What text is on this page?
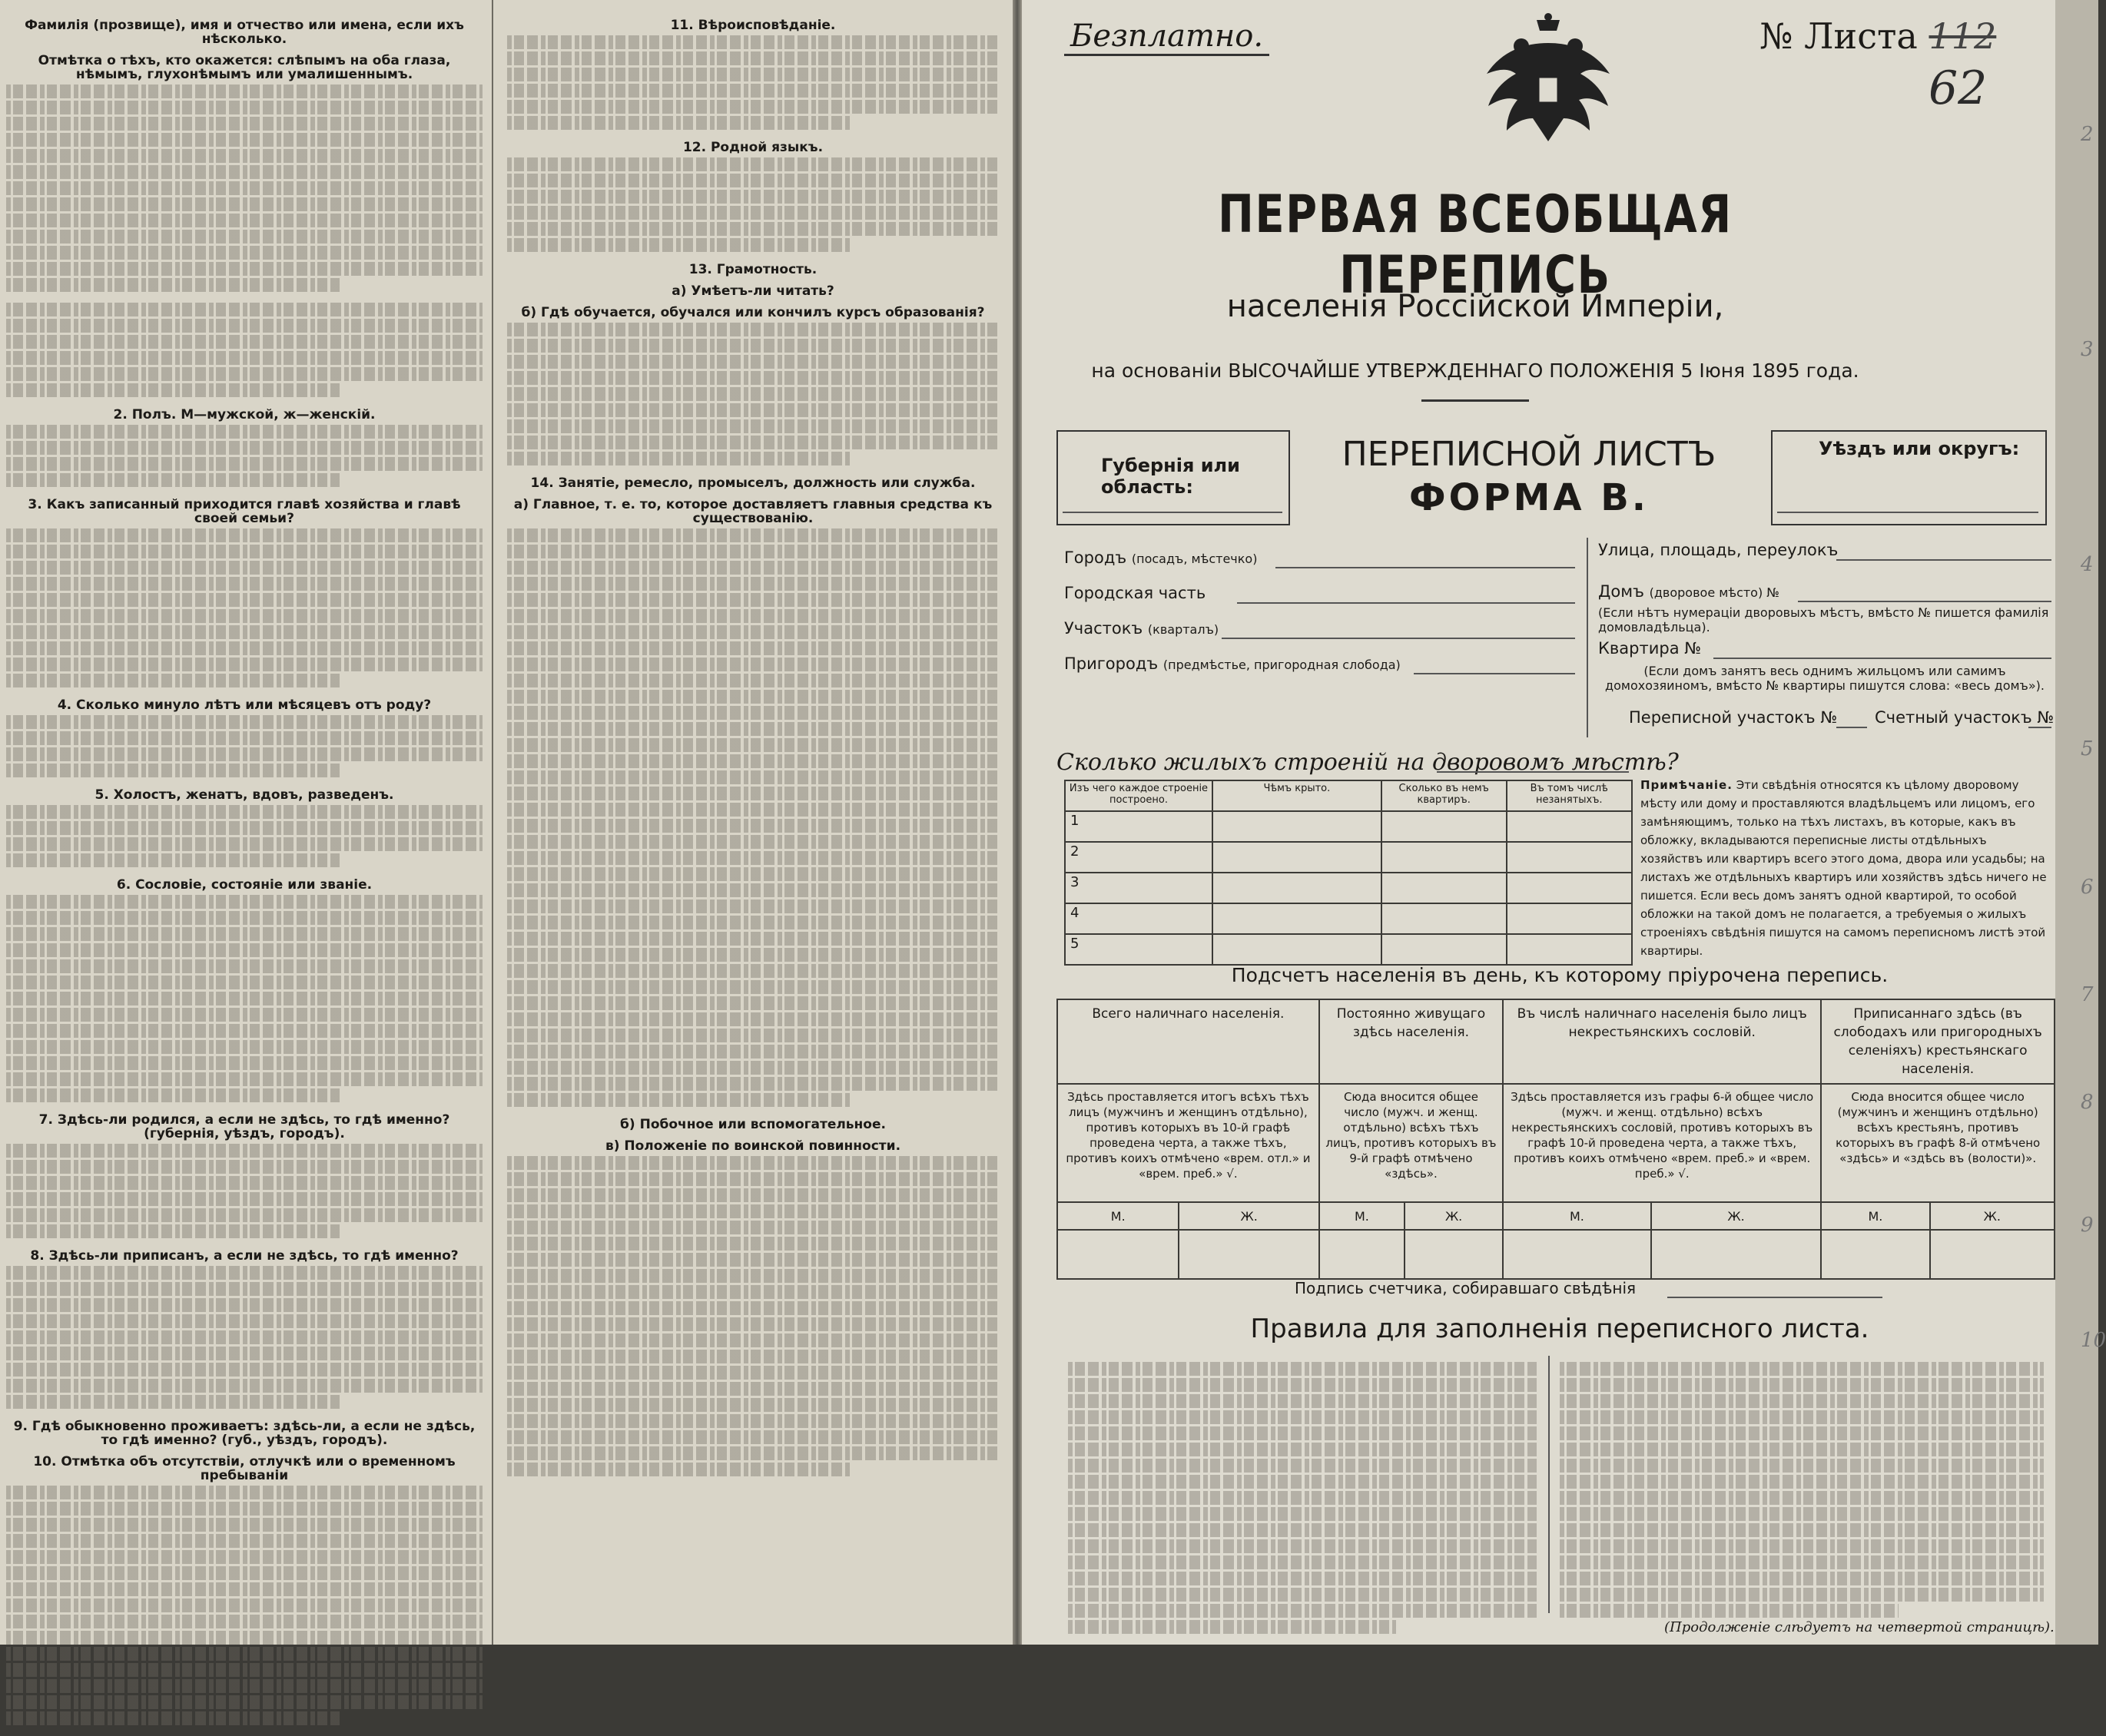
Фамилія (прозвище), имя и отчество или имена, если ихъ нѣсколько.
Отмѣтка о тѣхъ, кто окажется: слѣпымъ на оба глаза, нѣмымъ, глухонѣмымъ или умалишеннымъ.
2. Полъ. М—мужской, ж—женскій.
3. Какъ записанный приходится главѣ хозяйства и главѣ своей семьи?
4. Сколько минуло лѣтъ или мѣсяцевъ отъ роду?
5. Холостъ, женатъ, вдовъ, разведенъ.
6. Сословіе, состояніе или званіе.
7. Здѣсь-ли родился, а если не здѣсь, то гдѣ именно? (губернія, уѣздъ, городъ).
8. Здѣсь-ли приписанъ, а если не здѣсь, то гдѣ именно?
9. Гдѣ обыкновенно проживаетъ: здѣсь-ли, а если не здѣсь, то гдѣ именно? (губ., уѣздъ, городъ).
10. Отмѣтка объ отсутствіи, отлучкѣ или о временномъ пребываніи
11. Вѣроисповѣданіе.
12. Родной языкъ.
13. Грамотность.
а) Умѣетъ-ли читать?
б) Гдѣ обучается, обучался или кончилъ курсъ образованія?
14. Занятіе, ремесло, промыселъ, должность или служба.
а) Главное, т. е. то, которое доставляетъ главныя средства къ существованію.
б) Побочное или вспомогательное.
в) Положеніе по воинской повинности.
2
3
4
5
6
7
8
9
10
Безплатно.	№ Листа 112
62
ПЕРВАЯ ВСЕОБЩАЯ ПЕРЕПИСЬ
населенія Россійской Имперіи,
на основаніи ВЫСОЧАЙШЕ УТВЕРЖДЕННАГО ПОЛОЖЕНІЯ 5 Іюня 1895 года.
Губернія или область:
ПЕРЕПИСНОЙ ЛИСТЪ
ФОРМА В.
Уѣздъ или округъ:
Городъ (посадъ, мѣстечко)
Городская часть
Участокъ (кварталъ)
Пригородъ (предмѣстье, пригородная слобода)
Улица, площадь, переулокъ
Домъ (дворовое мѣсто) №
(Если нѣтъ нумераціи дворовыхъ мѣстъ, вмѣсто № пишется фамилія домовладѣльца).
Квартира №
(Если домъ занятъ весь однимъ жильцомъ или самимъ домохозяиномъ, вмѣсто № квартиры пишутся слова: «весь домъ»).
Переписной участокъ № Счетный участокъ №
Сколько жилыхъ строеній на дворовомъ мѣстѣ?
Изъ чего каждое строеніе построено.	Чѣмъ крыто.	Сколько въ немъ квартиръ.	Въ томъ числѣ незанятыхъ.
1			
2			
3			
4			
5			
Примѣчаніе. Эти свѣдѣнія относятся къ цѣлому дворовому мѣсту или дому и проставляются владѣльцемъ или лицомъ, его замѣняющимъ, только на тѣхъ листахъ, въ которые, какъ въ обложку, вкладываются переписные листы отдѣльныхъ хозяйствъ или квартиръ всего этого дома, двора или усадьбы; на листахъ же отдѣльныхъ квартиръ или хозяйствъ здѣсь ничего не пишется. Если весь домъ занятъ одной квартирой, то особой обложки на такой домъ не полагается, а требуемыя о жилыхъ строеніяхъ свѣдѣнія пишутся на самомъ переписномъ листѣ этой квартиры.
Подсчетъ населенія въ день, къ которому пріурочена перепись.
Всего наличнаго населенія.		Постоянно живущаго здѣсь населенія.		Въ числѣ наличнаго населенія было лицъ некрестьянскихъ сословій.		Приписаннаго здѣсь (въ слободахъ или пригородныхъ селеніяхъ) крестьянскаго населенія.	
Здѣсь проставляется итогъ всѣхъ тѣхъ лицъ (мужчинъ и женщинъ отдѣльно), противъ которыхъ въ 10-й графѣ проведена черта, а также тѣхъ, противъ коихъ отмѣчено «врем. отл.» и «врем. преб.» √.		Сюда вносится общее число (мужч. и женщ. отдѣльно) всѣхъ тѣхъ лицъ, противъ которыхъ въ 9-й графѣ отмѣчено «здѣсь».		Здѣсь проставляется изъ графы 6-й общее число (мужч. и женщ. отдѣльно) всѣхъ некрестьянскихъ сословій, противъ которыхъ въ графѣ 10-й проведена черта, а также тѣхъ, противъ коихъ отмѣчено «врем. преб.» и «врем. преб.» √.		Сюда вносится общее число (мужчинъ и женщинъ отдѣльно) всѣхъ крестьянъ, противъ которыхъ въ графѣ 8-й отмѣчено «здѣсь» и «здѣсь въ (волости)».	
М.	Ж.	М.	Ж.	М.	Ж.	М.	Ж.

Подпись счетчика, собиравшаго свѣдѣнія
Правила для заполненія переписного листа.
(Продолженіе слѣдуетъ на четвертой страницѣ).
